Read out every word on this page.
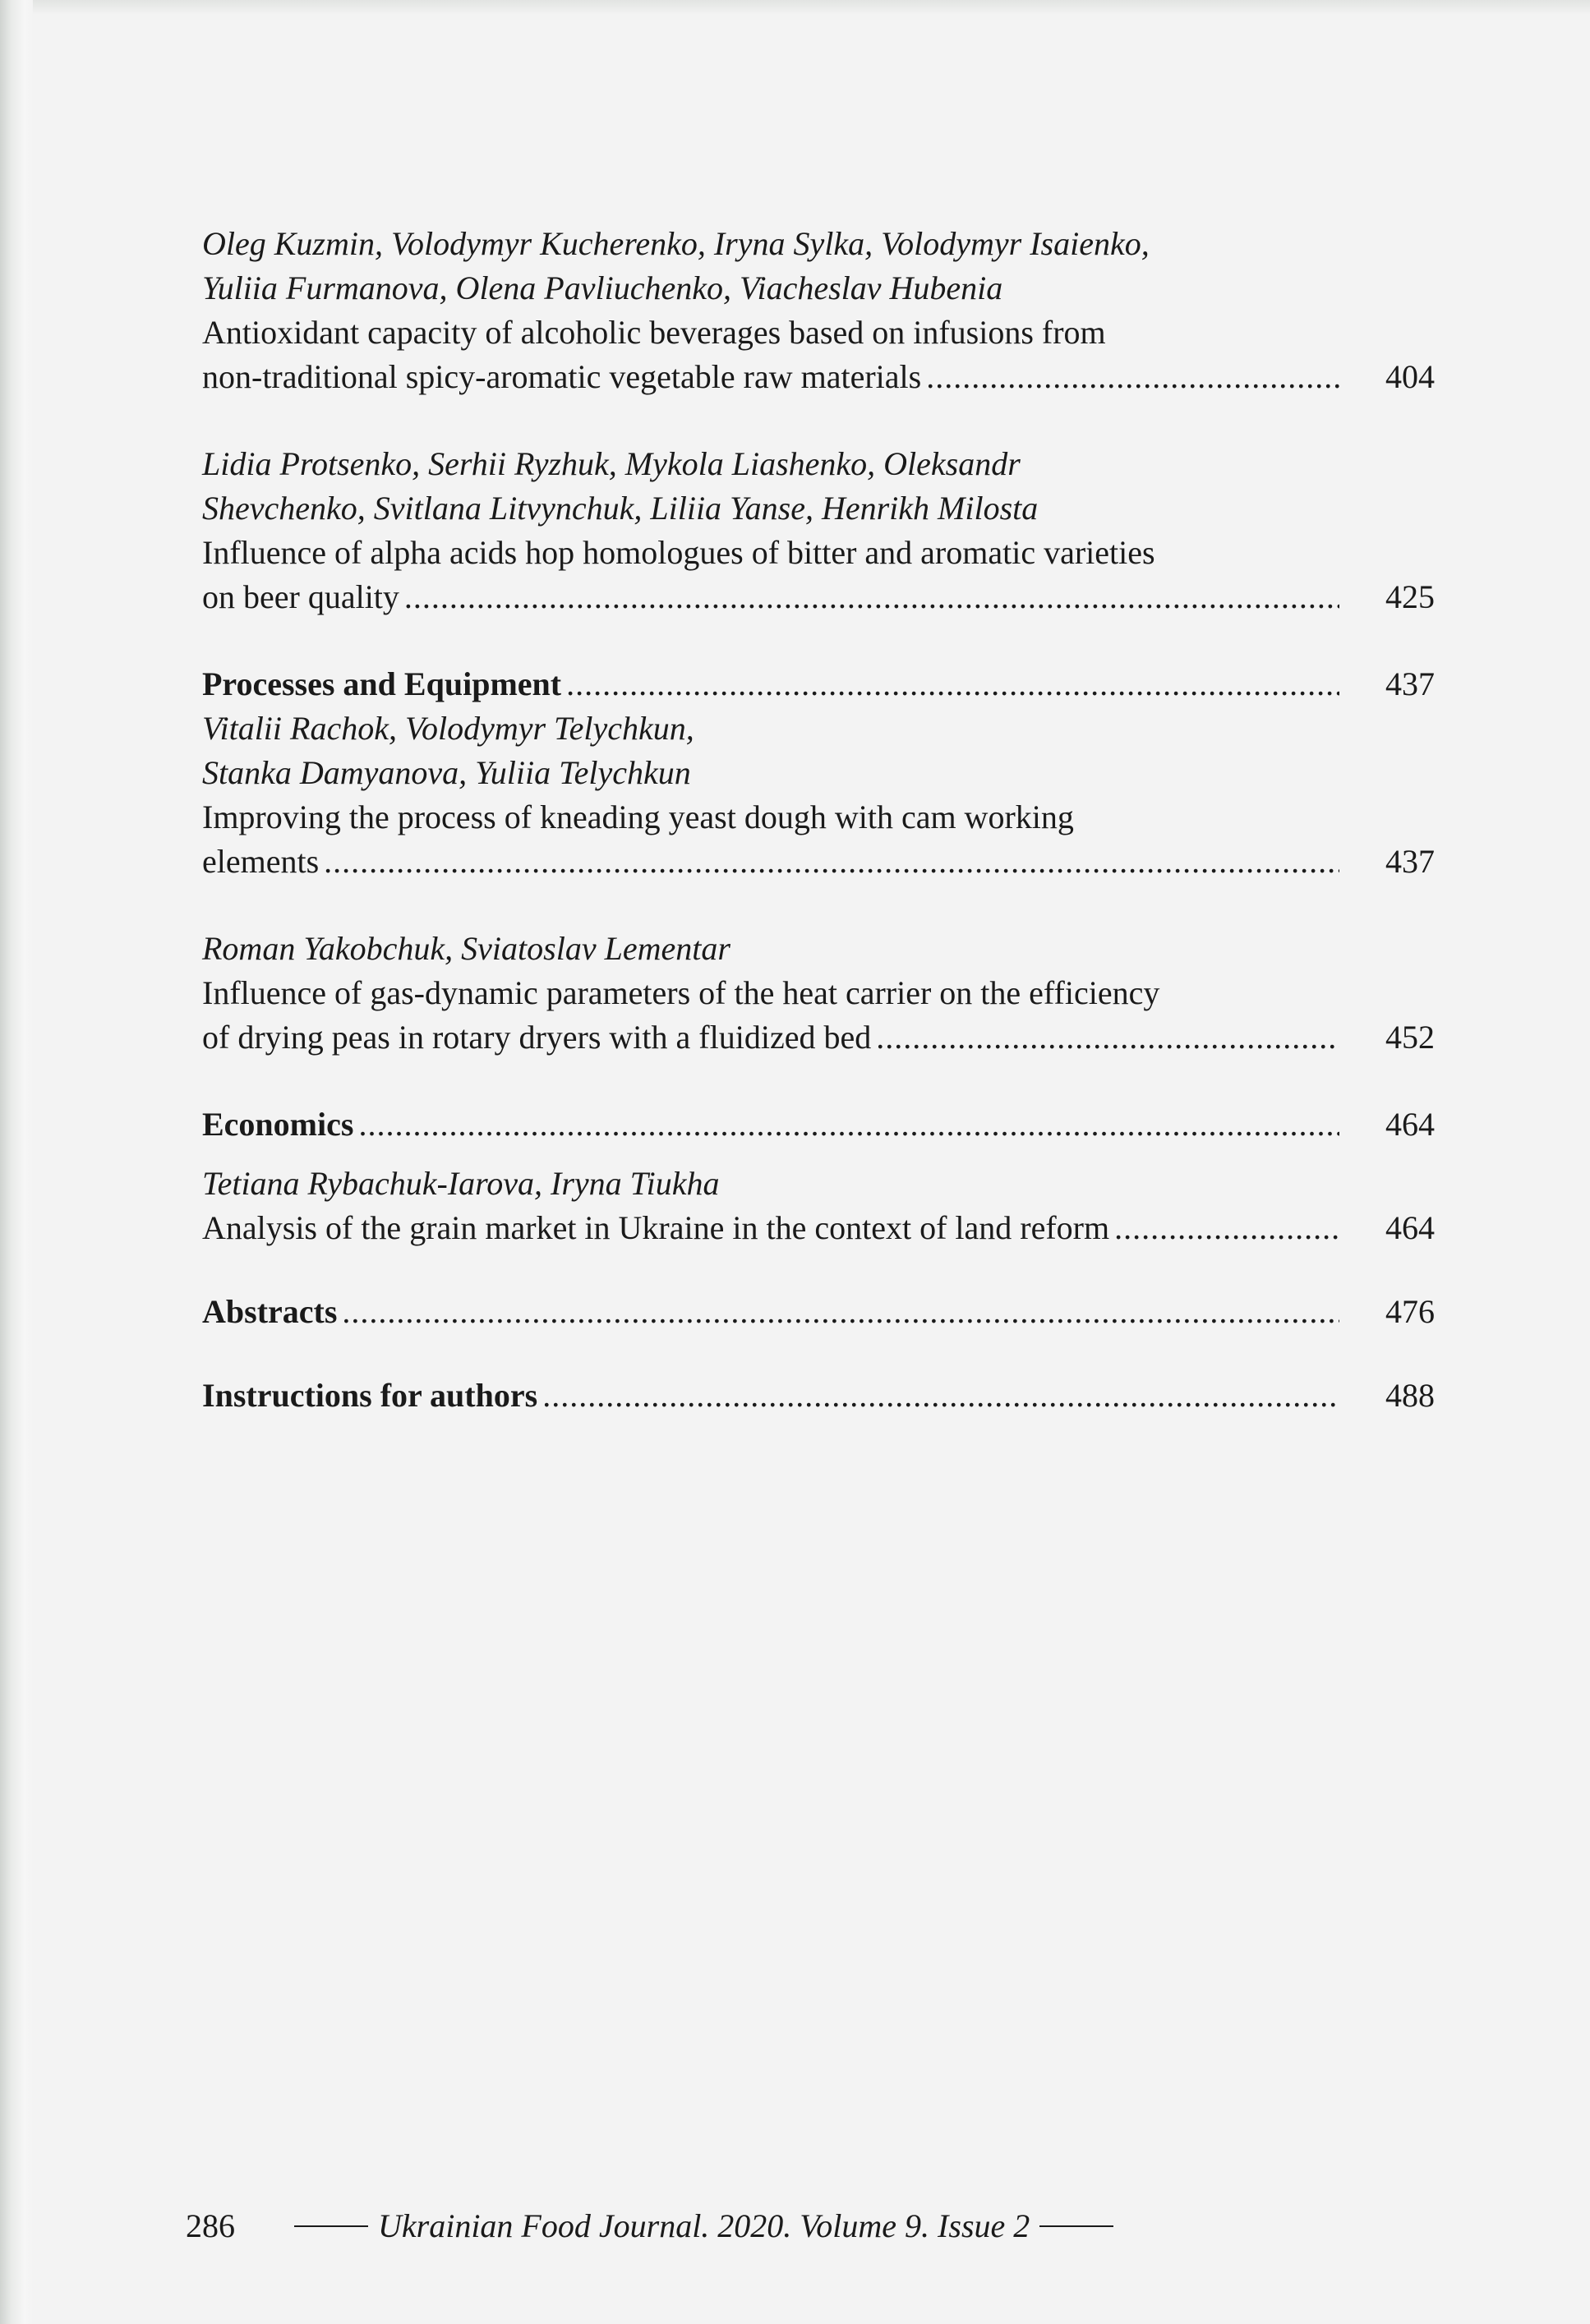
Oleg Kuzmin, Volodymyr Kucherenko, Iryna Sylka, Volodymyr Isaienko,
Yuliia Furmanova, Olena Pavliuchenko, Viacheslav Hubenia
Antioxidant capacity of alcoholic beverages based on infusions from
non-traditional spicy-aromatic vegetable raw materials .....	404
Lidia Protsenko, Serhii Ryzhuk, Mykola Liashenko, Oleksandr
Shevchenko, Svitlana Litvynchuk, Liliia Yanse, Henrikh Milosta
Influence of alpha acids hop homologues of bitter and aromatic varieties
on beer quality .....	425
Processes and Equipment .....	437
Vitalii Rachok, Volodymyr Telychkun,
Stanka Damyanova, Yuliia Telychkun
Improving the process of kneading yeast dough with cam working
elements .....	437
Roman Yakobchuk, Sviatoslav Lementar
Influence of gas-dynamic parameters of the heat carrier on the efficiency
of drying peas in rotary dryers with a fluidized bed .....	452
Economics .....	464
Tetiana Rybachuk-Iarova, Iryna Tiukha
Analysis of the grain market in Ukraine in the context of land reform .....	464
Abstracts .....	476
Instructions for authors .....	488
286	Ukrainian Food Journal. 2020. Volume 9. Issue 2
